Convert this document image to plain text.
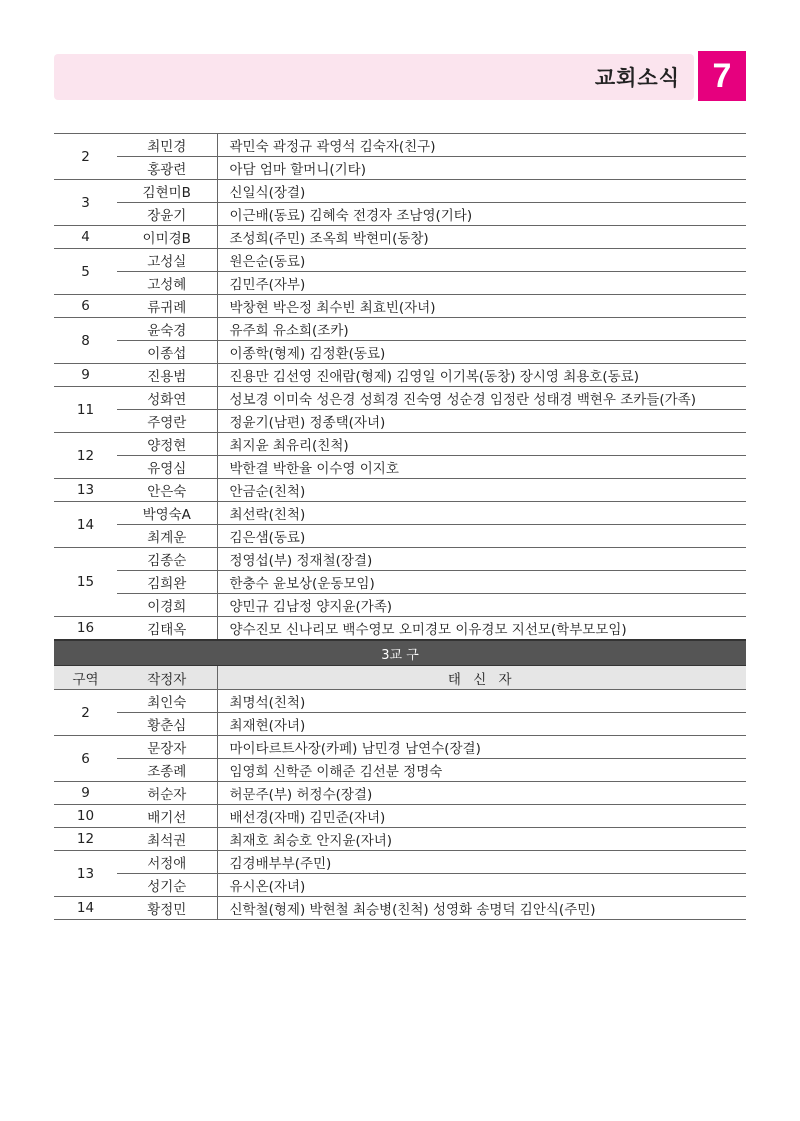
교회소식 7
2	최민경	곽민숙 곽정규 곽영석 김숙자(친구)
	홍광련	아담 엄마 할머니(기타)
3	김현미B	신일식(장결)
	장윤기	이근배(동료) 김혜숙 전경자 조남영(기타)
4	이미경B	조성희(주민) 조옥희 박현미(동창)
5	고성실	원은순(동료)
	고성혜	김민주(자부)
6	류귀례	박창현 박은정 최수빈 최효빈(자녀)
8	윤숙경	유주희 유소희(조카)
	이종섭	이종학(형제) 김정환(동료)
9	진용범	진용만 김선영 진애람(형제) 김영일 이기복(동창) 장시영 최용호(동료)
11	성화연	성보경 이미숙 성은경 성희경 진숙영 성순경 임정란 성태경 백현우 조카들(가족)
	주영란	정윤기(남편) 정종택(자녀)
12	양정현	최지윤 최유리(친척)
	유영심	박한결 박한율 이수영 이지호
13	안은숙	안금순(친척)
14	박영숙A	최선락(친척)
	최계운	김은샘(동료)
15	김종순	정영섭(부) 정재철(장결)
	김희완	한충수 윤보상(운동모임)
	이경희	양민규 김남정 양지윤(가족)
16	김태옥	양수진모 신나리모 백수영모 오미경모 이유경모 지선모(학부모모임)
3교 구		
구역	작정자	태 신 자
2	최인숙	최명석(친척)
	황춘심	최재현(자녀)
6	문장자	마이타르트사장(카페) 남민경 남연수(장결)
	조종례	임영희 신학준 이해준 김선분 정명숙
9	허순자	허문주(부) 허정수(장결)
10	배기선	배선경(자매) 김민준(자녀)
12	최석권	최재호 최승호 안지윤(자녀)
13	서정애	김경배부부(주민)
	성기순	유시온(자녀)
14	황정민	신학철(형제) 박현철 최승병(친척) 성영화 송명덕 김안식(주민)
